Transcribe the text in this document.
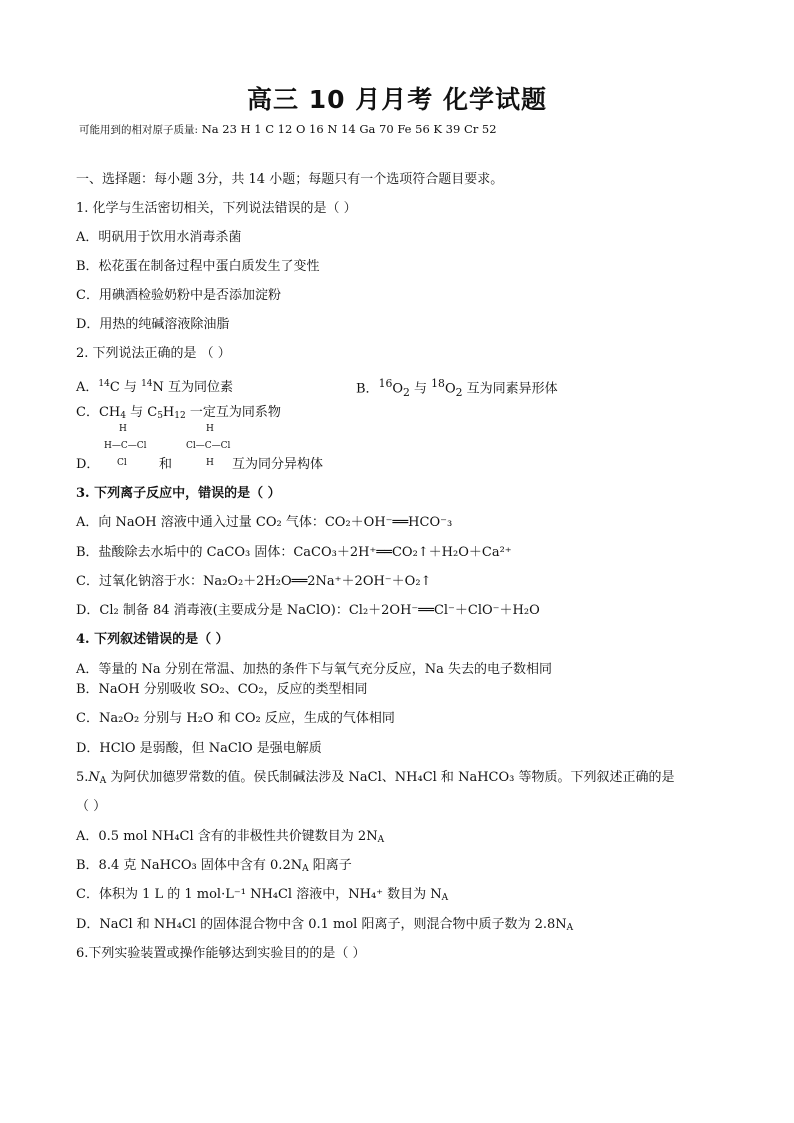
高三 10 月月考 化学试题
可能用到的相对原子质量: Na 23 H 1 C 12 O 16 N 14 Ga 70 Fe 56 K 39 Cr 52
一、选择题：每小题 3分，共 14 小题；每题只有一个选项符合题目要求。
1. 化学与生活密切相关，下列说法错误的是（ ）
A．明矾用于饮用水消毒杀菌
B．松花蛋在制备过程中蛋白质发生了变性
C．用碘酒检验奶粉中是否添加淀粉
D．用热的纯碱溶液除油脂
2. 下列说法正确的是 （ ）
A．$^{14}$C 与 $^{14}$N 互为同位素	B．$^{16}O_2$ 与 $^{18}O_2$ 互为同素异形体
C．$CH_4$ 与 $C_5H_{12}$ 一定互为同系物
H
H—C—Cl
Cl
H
Cl—C—Cl
H
D．	和	互为同分异构体
3. 下列离子反应中，错误的是（ ）
A．向 NaOH 溶液中通入过量 CO₂ 气体：CO₂＋OH⁻══HCO⁻₃
B．盐酸除去水垢中的 CaCO₃ 固体：CaCO₃＋2H⁺══CO₂↑＋H₂O＋Ca²⁺
C．过氧化钠溶于水：Na₂O₂＋2H₂O══2Na⁺＋2OH⁻＋O₂↑
D．Cl₂ 制备 84 消毒液(主要成分是 NaClO)：Cl₂＋2OH⁻══Cl⁻＋ClO⁻＋H₂O
4. 下列叙述错误的是（ ）
A．等量的 Na 分别在常温、加热的条件下与氧气充分反应，Na 失去的电子数相同
B．NaOH 分别吸收 SO₂、CO₂，反应的类型相同
C．Na₂O₂ 分别与 H₂O 和 CO₂ 反应，生成的气体相同
D．HClO 是弱酸，但 NaClO 是强电解质
$5.N_A$ 为阿伏加德罗常数的值。侯氏制碱法涉及 NaCl、NH₄Cl 和 NaHCO₃ 等物质。下列叙述正确的是
（ ）
A．0.5 mol NH₄Cl 含有的非极性共价键数目为 $2N_A$
B．8.4 克 NaHCO₃ 固体中含有 $0.2N_A$ 阳离子
C．体积为 1 L 的 1 mol·L⁻¹ NH₄Cl 溶液中，NH₄⁺ 数目为 $N_A$
D．NaCl 和 NH₄Cl 的固体混合物中含 0.1 mol 阳离子，则混合物中质子数为 $2.8N_A$
6.下列实验装置或操作能够达到实验目的的是（ ）
